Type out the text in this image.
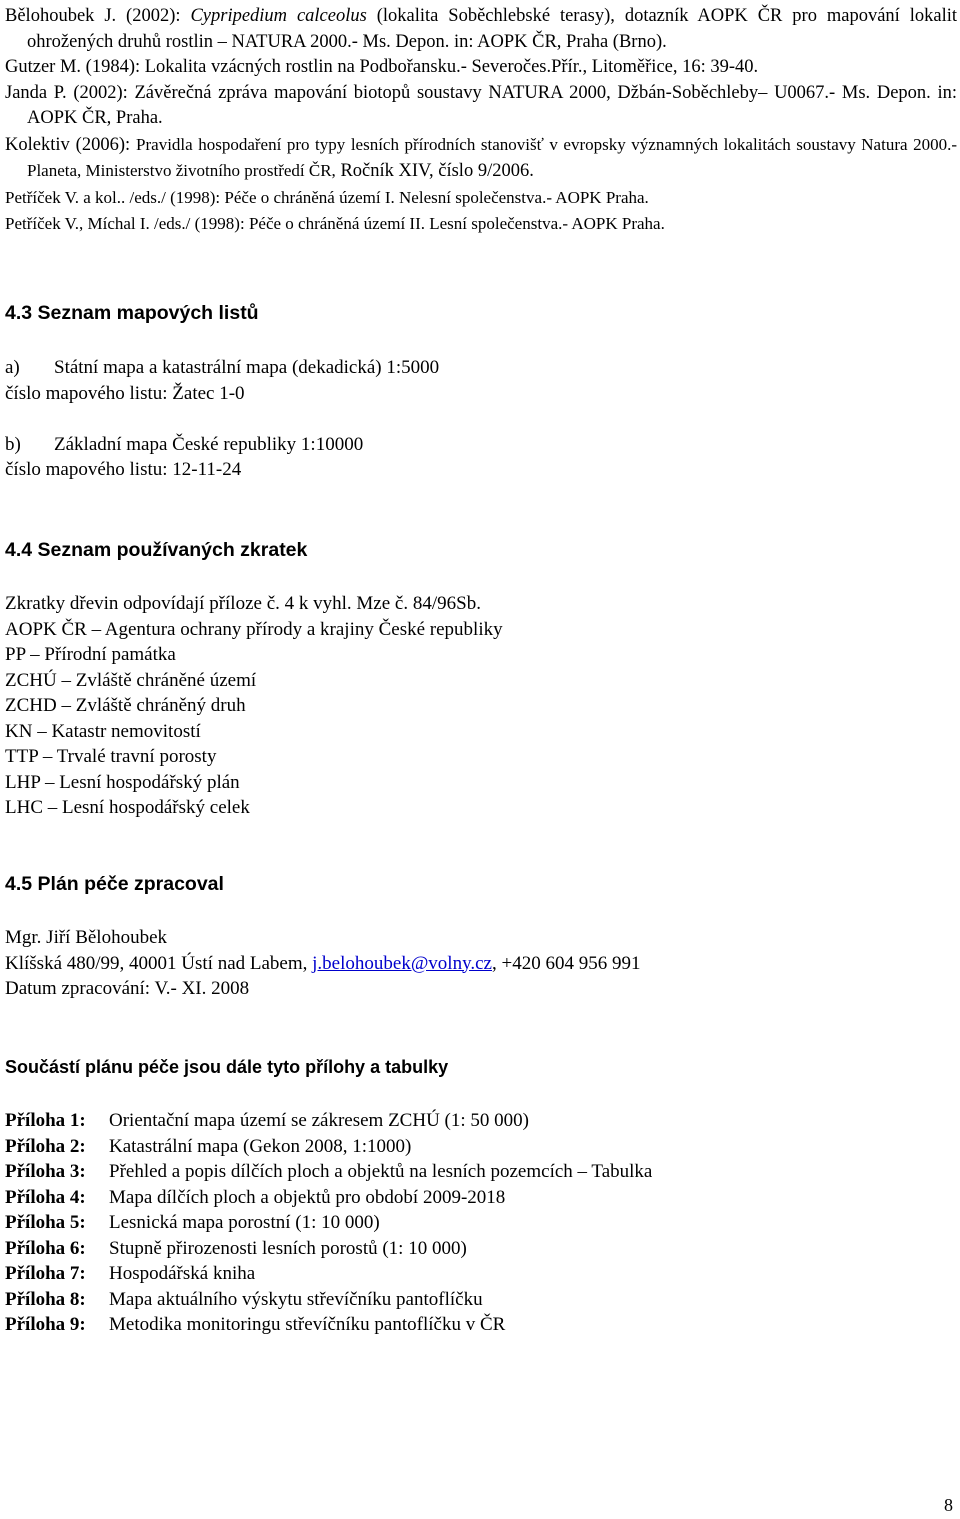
Bělohoubek J. (2002): Cypripedium calceolus (lokalita Soběchlebské terasy), dotazník AOPK ČR pro mapování lokalit ohrožených druhů rostlin – NATURA 2000.- Ms. Depon. in: AOPK ČR, Praha (Brno).

Gutzer M. (1984): Lokalita vzácných rostlin na Podbořansku.- Severočes.Přír., Litoměřice, 16: 39-40.

Janda P. (2002): Závěrečná zpráva mapování biotopů soustavy NATURA 2000, Džbán-Soběchleby– U0067.- Ms. Depon. in: AOPK ČR, Praha.

Kolektiv (2006): Pravidla hospodaření pro typy lesních přírodních stanovišť v evropsky významných lokalitách soustavy Natura 2000.- Planeta, Ministerstvo životního prostředí ČR, Ročník XIV, číslo 9/2006.

Petříček V. a kol.. /eds./ (1998): Péče o chráněná území I. Nelesní společenstva.- AOPK Praha.

Petříček V., Míchal I. /eds./ (1998): Péče o chráněná území II. Lesní společenstva.- AOPK Praha.

4.3 Seznam mapových listů

a) Státní mapa a katastrální mapa (dekadická) 1:5000

číslo mapového listu: Žatec 1-0

b) Základní mapa České republiky 1:10000

číslo mapového listu: 12-11-24

4.4 Seznam používaných zkratek

Zkratky dřevin odpovídají příloze č. 4 k vyhl. Mze č. 84/96Sb.

AOPK ČR – Agentura ochrany přírody a krajiny České republiky

PP – Přírodní památka

ZCHÚ – Zvláště chráněné území

ZCHD – Zvláště chráněný druh

KN – Katastr nemovitostí

TTP – Trvalé travní porosty

LHP – Lesní hospodářský plán

LHC – Lesní hospodářský celek

4.5 Plán péče zpracoval

Mgr. Jiří Bělohoubek

Klíšská 480/99, 40001 Ústí nad Labem, j.belohoubek@volny.cz, +420 604 956 991

Datum zpracování: V.- XI. 2008

Součástí plánu péče jsou dále tyto přílohy a tabulky
Příloha 1: Orientační mapa území se zákresem ZCHÚ (1: 50 000)
Příloha 2: Katastrální mapa (Gekon 2008, 1:1000)
Příloha 3: Přehled a popis dílčích ploch a objektů na lesních pozemcích – Tabulka
Příloha 4: Mapa dílčích ploch a objektů pro období 2009-2018
Příloha 5: Lesnická mapa porostní (1: 10 000)
Příloha 6: Stupně přirozenosti lesních porostů (1: 10 000)
Příloha 7: Hospodářská kniha
Příloha 8: Mapa aktuálního výskytu střevíčníku pantoflíčku
Příloha 9: Metodika monitoringu střevíčníku pantoflíčku v ČR
8
